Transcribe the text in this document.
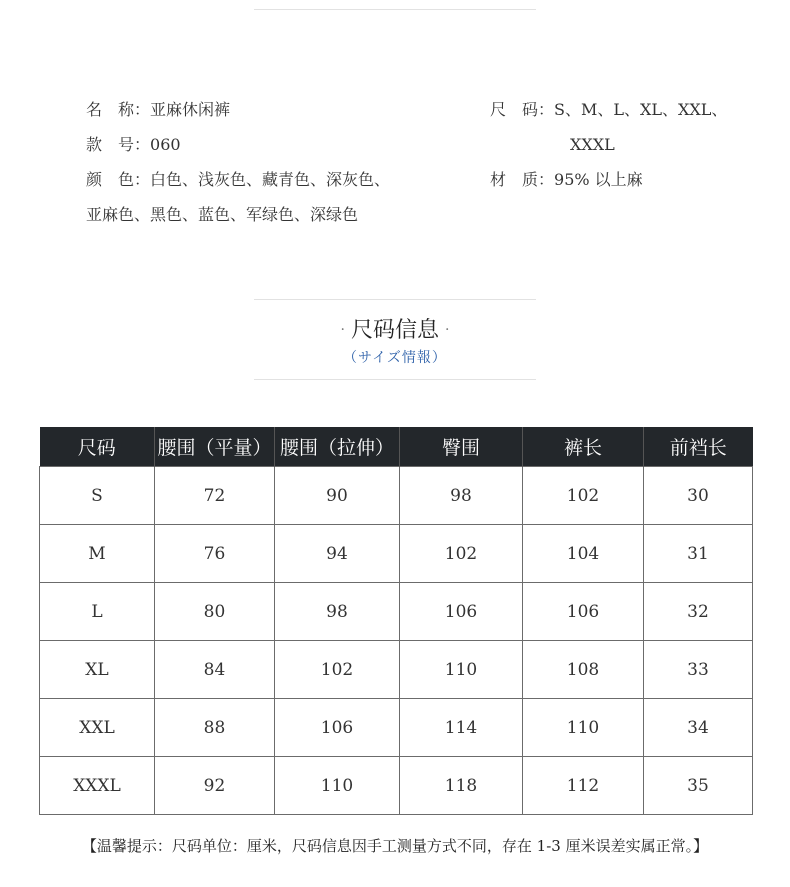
名　称：亚麻休闲裤
款　号：060
颜　色：白色、浅灰色、藏青色、深灰色、
亚麻色、黑色、蓝色、军绿色、深绿色
尺　码：S、M、L、XL、XXL、
XXXL
材　质：95% 以上麻
· 尺码信息 ·
（サイズ情報）
尺码	腰围（平量）	腰围（拉伸）	臀围	裤长	前裆长
S	72	90	98	102	30
M	76	94	102	104	31
L	80	98	106	106	32
XL	84	102	110	108	33
XXL	88	106	114	110	34
XXXL	92	110	118	112	35
【温馨提示：尺码单位：厘米，尺码信息因手工测量方式不同，存在 1-3 厘米误差实属正常。】
